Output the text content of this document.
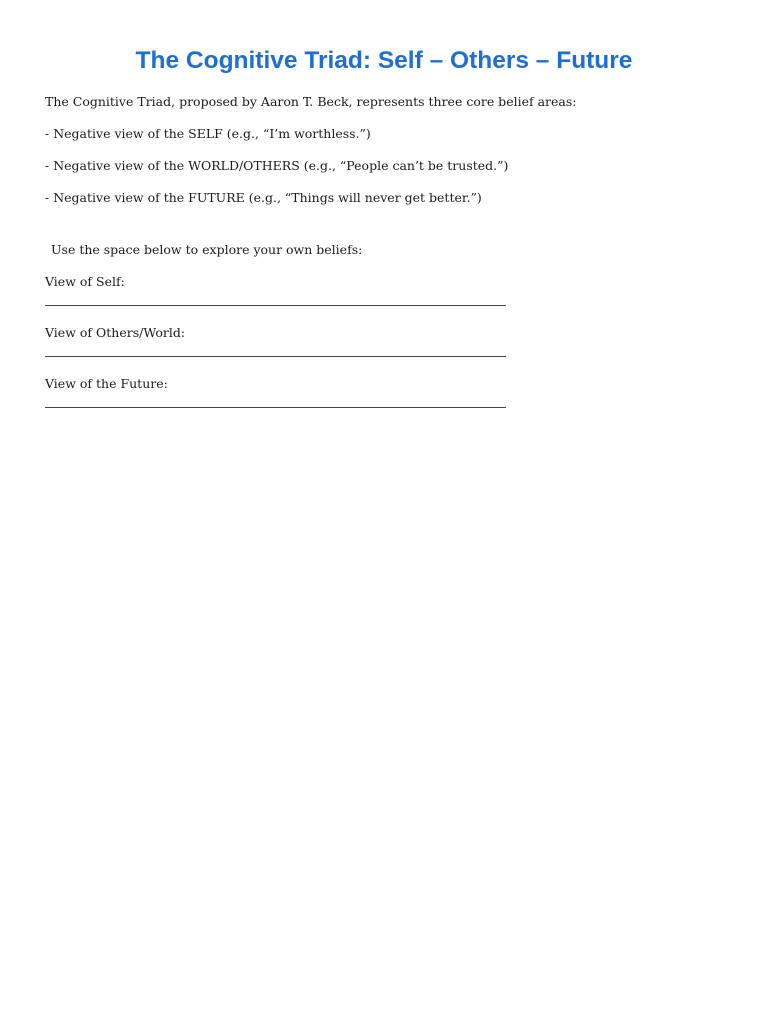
The Cognitive Triad: Self – Others – Future

The Cognitive Triad, proposed by Aaron T. Beck, represents three core belief areas:

- Negative view of the SELF (e.g., “I’m worthless.”)

- Negative view of the WORLD/OTHERS (e.g., “People can’t be trusted.”)

- Negative view of the FUTURE (e.g., “Things will never get better.”)

Use the space below to explore your own beliefs:

View of Self:

View of Others/World:

View of the Future:
